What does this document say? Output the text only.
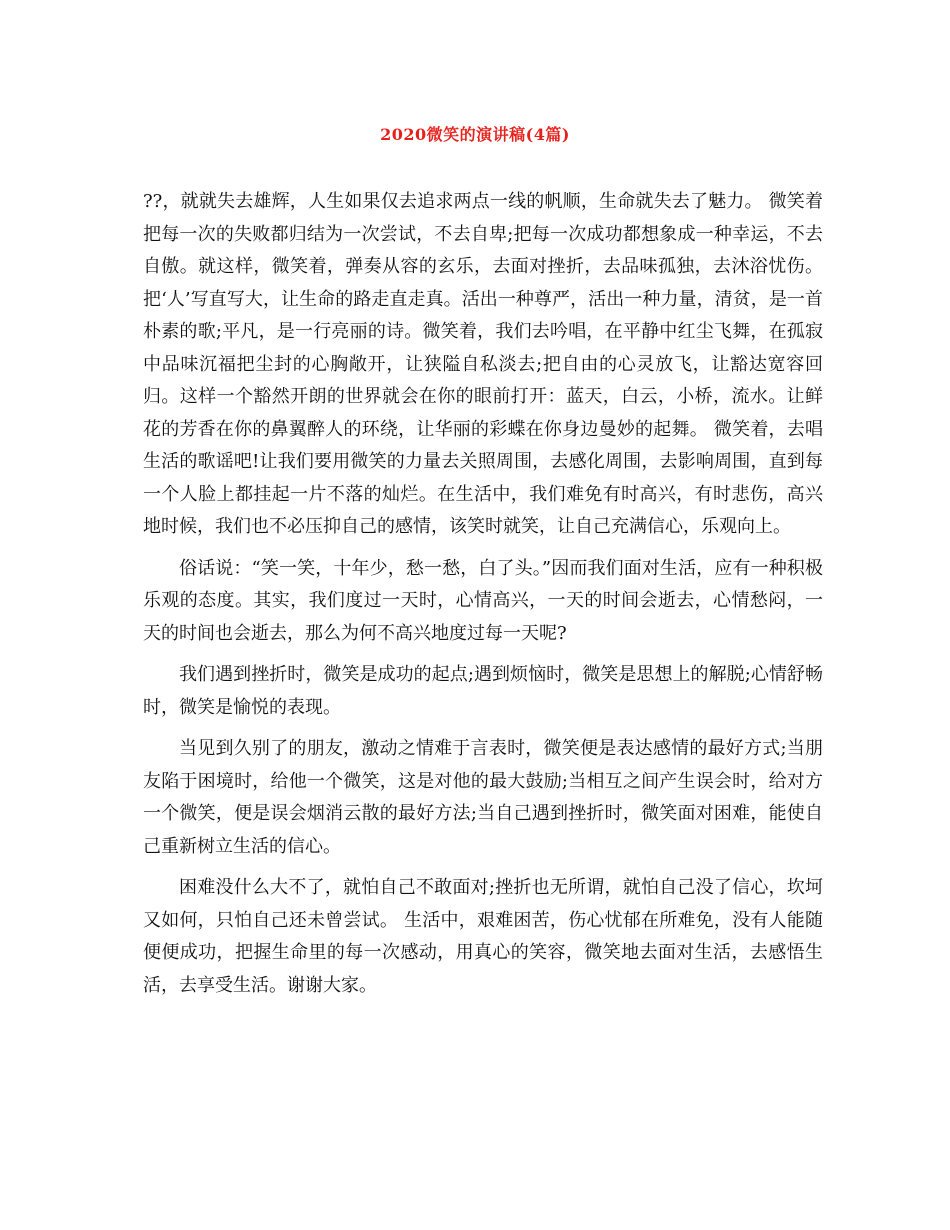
2020微笑的演讲稿(4篇)

??，就就失去雄辉，人生如果仅去追求两点一线的帆顺，生命就失去了魅力。 微笑着把每一次的失败都归结为一次尝试，不去自卑;把每一次成功都想象成一种幸运，不去自傲。就这样，微笑着，弹奏从容的玄乐，去面对挫折，去品味孤独，去沐浴忧伤。把‘人’写直写大，让生命的路走直走真。活出一种尊严，活出一种力量，清贫，是一首朴素的歌;平凡，是一行亮丽的诗。微笑着，我们去吟唱，在平静中红尘飞舞，在孤寂中品味沉福把尘封的心胸敞开，让狭隘自私淡去;把自由的心灵放飞，让豁达宽容回归。这样一个豁然开朗的世界就会在你的眼前打开：蓝天，白云，小桥，流水。让鲜花的芳香在你的鼻翼醉人的环绕，让华丽的彩蝶在你身边曼妙的起舞。 微笑着，去唱生活的歌谣吧!让我们要用微笑的力量去关照周围，去感化周围，去影响周围，直到每一个人脸上都挂起一片不落的灿烂。在生活中，我们难免有时高兴，有时悲伤，高兴地时候，我们也不必压抑自己的感情，该笑时就笑，让自己充满信心，乐观向上。

俗话说：“笑一笑，十年少，愁一愁，白了头。”因而我们面对生活，应有一种积极乐观的态度。其实，我们度过一天时，心情高兴，一天的时间会逝去，心情愁闷，一天的时间也会逝去，那么为何不高兴地度过每一天呢?

我们遇到挫折时，微笑是成功的起点;遇到烦恼时，微笑是思想上的解脱;心情舒畅时，微笑是愉悦的表现。

当见到久别了的朋友，激动之情难于言表时，微笑便是表达感情的最好方式;当朋友陷于困境时，给他一个微笑，这是对他的最大鼓励;当相互之间产生误会时，给对方一个微笑，便是误会烟消云散的最好方法;当自己遇到挫折时，微笑面对困难，能使自己重新树立生活的信心。

困难没什么大不了，就怕自己不敢面对;挫折也无所谓，就怕自己没了信心，坎坷又如何，只怕自己还未曾尝试。 生活中，艰难困苦，伤心忧郁在所难免，没有人能随便便成功，把握生命里的每一次感动，用真心的笑容，微笑地去面对生活，去感悟生活，去享受生活。谢谢大家。
